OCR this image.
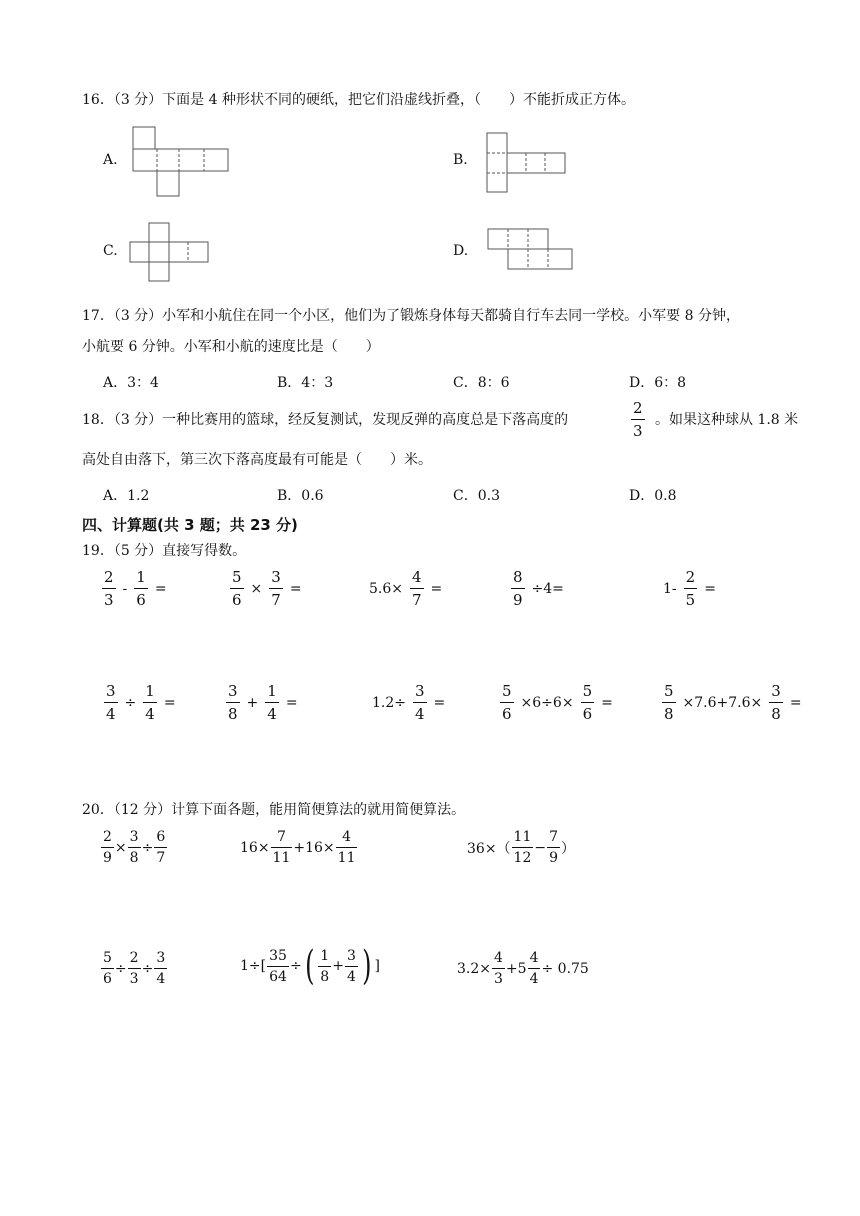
16．（3 分）下面是 4 种形状不同的硬纸，把它们沿虚线折叠，（　　）不能折成正方体。
A.	B.
C.	D.
17．（3 分）小军和小航住在同一个小区，他们为了锻炼身体每天都骑自行车去同一学校。小军要 8 分钟，
小航要 6 分钟。小军和小航的速度比是（　　）
A．3：4	B．4：3	C．8：6	D．6：8
18．（3 分）一种比赛用的篮球，经反复测试，发现反弹的高度总是下落高度的	$\frac{2}{3}$ 。如果这种球从 1.8 米
高处自由落下，第三次下落高度最有可能是（　　）米。
A．1.2	B．0.6	C．0.3	D．0.8
四、计算题(共 3 题；共 23 分)
19．（5 分）直接写得数。
$\frac{2}{3} - \frac{1}{6}$ =	$\frac{5}{6} \times \frac{3}{7}$ =	$5.6\times \frac{4}{7}$ =	$\frac{8}{9} \div 4=$	$1- \frac{2}{5}$ =
$\frac{3}{4} \div \frac{1}{4}$ =	$\frac{3}{8} + \frac{1}{4}$ =	$1.2\div \frac{3}{4}$ =	$\frac{5}{6} \times 6\div 6\times \frac{5}{6}$ =	$\frac{5}{8} \times 7.6+7.6\times \frac{3}{8}$ =
20．（12 分）计算下面各题，能用简便算法的就用简便算法。
$\frac{2}{9} \times \frac{3}{8} \div \frac{6}{7}$	$16\times \frac{7}{11} +16\times \frac{4}{11}$	$36\times( \frac{11}{12} - \frac{7}{9}$ ）
$\frac{5}{6} \div \frac{2}{3} \div \frac{3}{4}$	$1\div[ \frac{35}{64}$ ÷ ( $\frac{1}{8} + \frac{3}{4}$ ) ]	$3.2\times \frac{4}{3} +5 \frac{4}{4} \div 0.75$
